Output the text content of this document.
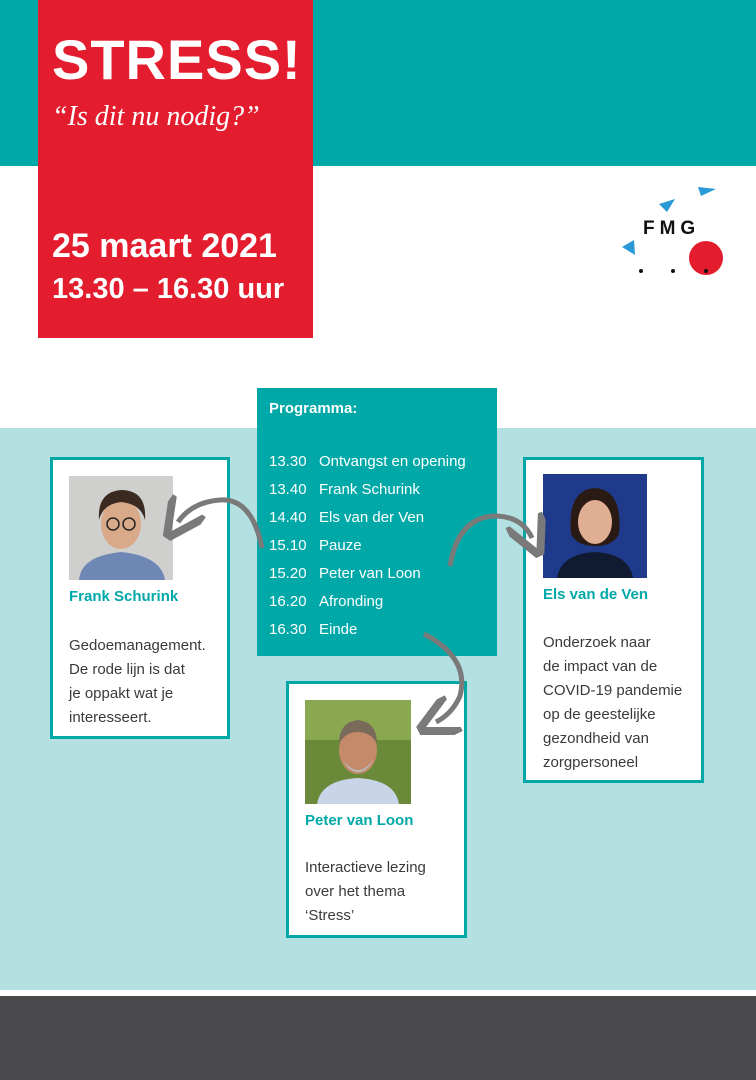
STRESS!
“Is dit nu nodig?”
25 maart 2021
13.30 – 16.30 uur
FMG
Programma:
13.30 Ontvangst en opening
13.40 Frank Schurink
14.40 Els van der Ven
15.10 Pauze
15.20 Peter van Loon
16.20 Afronding
16.30 Einde
Frank Schurink
Gedoemanagement.
De rode lijn is dat
je oppakt wat je
interesseert.
Els van de Ven
Onderzoek naar
de impact van de
COVID-19 pandemie
op de geestelijke
gezondheid van
zorgpersoneel
Peter van Loon
Interactieve lezing
over het thema
‘Stress’
